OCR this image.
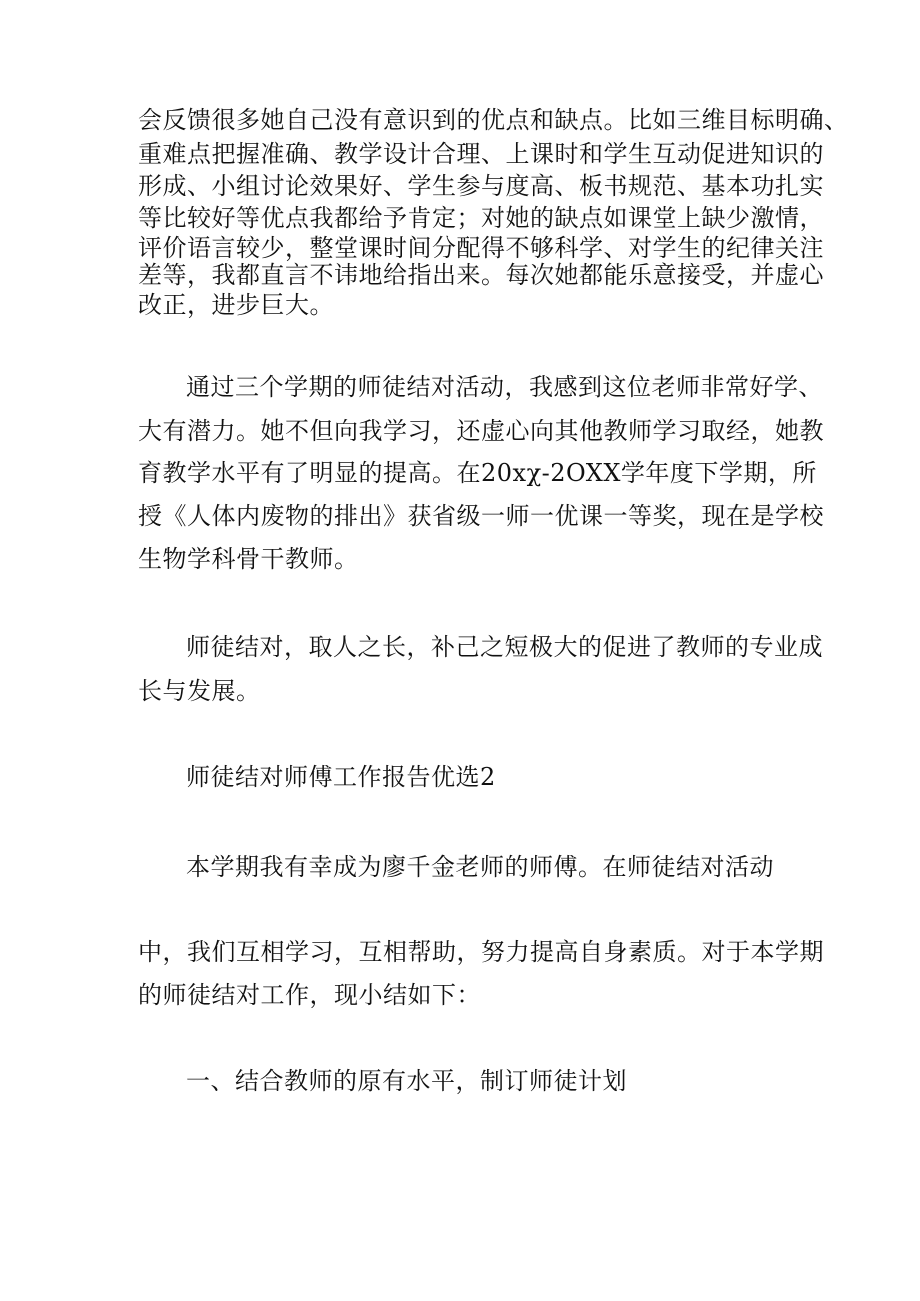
会反馈很多她自己没有意识到的优点和缺点。比如三维目标明确、
重难点把握准确、教学设计合理、上课时和学生互动促进知识的
形成、小组讨论效果好、学生参与度高、板书规范、基本功扎实
等比较好等优点我都给予肯定；对她的缺点如课堂上缺少激情，
评价语言较少，整堂课时间分配得不够科学、对学生的纪律关注
差等，我都直言不讳地给指出来。每次她都能乐意接受，并虚心
改正，进步巨大。
通过三个学期的师徒结对活动，我感到这位老师非常好学、
大有潜力。她不但向我学习，还虚心向其他教师学习取经，她教
育教学水平有了明显的提高。在20xχ-2OXX学年度下学期，所
授《人体内废物的排出》获省级一师一优课一等奖，现在是学校
生物学科骨干教师。
师徒结对，取人之长，补己之短极大的促进了教师的专业成
长与发展。
师徒结对师傅工作报告优选2
本学期我有幸成为廖千金老师的师傅。在师徒结对活动
中，我们互相学习，互相帮助，努力提高自身素质。对于本学期
的师徒结对工作，现小结如下：
一、结合教师的原有水平，制订师徒计划
